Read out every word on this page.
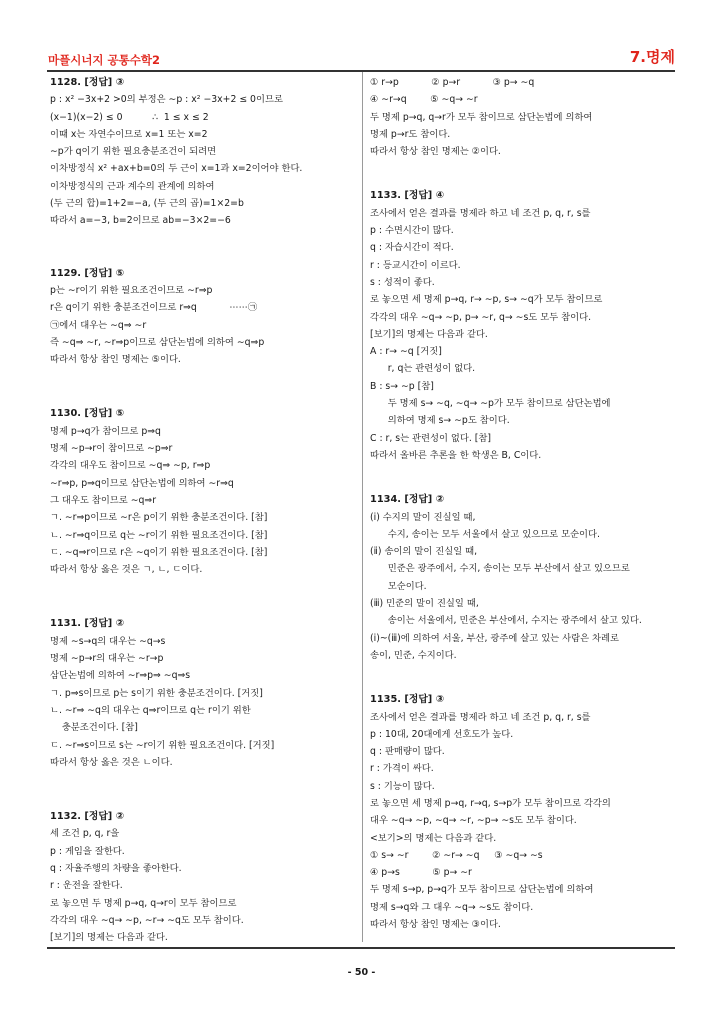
마플시너지 공통수학2	7.명제
1128. [정답] ③
p : x² −3x+2 >0의 부정은 ∼p : x² −3x+2 ≤ 0이므로
(x−1)(x−2) ≤ 0          ∴  1 ≤ x ≤ 2
이때 x는 자연수이므로 x=1 또는 x=2
∼p가 q이기 위한 필요충분조건이 되려면
이차방정식 x² +ax+b=0의 두 근이 x=1과 x=2이어야 한다.
이차방정식의 근과 계수의 관계에 의하여
(두 근의 합)=1+2=−a, (두 근의 곱)=1×2=b
따라서 a=−3, b=2이므로 ab=−3×2=−6
1129. [정답] ⑤
p는 ∼r이기 위한 필요조건이므로 ∼r⇒p
r은 q이기 위한 충분조건이므로 r⇒q           ⋯⋯㉠
㉠에서 대우는 ∼q⇒ ∼r
즉 ∼q⇒ ∼r, ∼r⇒p이므로 삼단논법에 의하여 ∼q⇒p
따라서 항상 참인 명제는 ⑤이다.
1130. [정답] ⑤
명제 p→q가 참이므로 p⇒q
명제 ∼p→r이 참이므로 ∼p⇒r
각각의 대우도 참이므로 ∼q⇒ ∼p, r⇒p
∼r⇒p, p⇒q이므로 삼단논법에 의하여 ∼r⇒q
그 대우도 참이므로 ∼q⇒r
ㄱ. ∼r⇒p이므로 ∼r은 p이기 위한 충분조건이다. [참]
ㄴ. ∼r⇒q이므로 q는 ∼r이기 위한 필요조건이다. [참]
ㄷ. ∼q⇒r이므로 r은 ∼q이기 위한 필요조건이다. [참]
따라서 항상 옳은 것은 ㄱ, ㄴ, ㄷ이다.
1131. [정답] ②
명제 ∼s→q의 대우는 ∼q→s
명제 ∼p→r의 대우는 ∼r→p
삼단논법에 의하여 ∼r⇒p⇒ ∼q⇒s
ㄱ. p⇒s이므로 p는 s이기 위한 충분조건이다. [거짓]
ㄴ. ∼r⇒ ∼q의 대우는 q⇒r이므로 q는 r이기 위한
충분조건이다. [참]
ㄷ. ∼r⇒s이므로 s는 ∼r이기 위한 필요조건이다. [거짓]
따라서 항상 옳은 것은 ㄴ이다.
1132. [정답] ②
세 조건 p, q, r을
p : 게임을 잘한다.
q : 자율주행의 차량을 좋아한다.
r : 운전을 잘한다.
로 놓으면 두 명제 p→q, q→r이 모두 참이므로
각각의 대우 ∼q→ ∼p, ∼r→ ∼q도 모두 참이다.
[보기]의 명제는 다음과 같다.
① r→p           ② p→r           ③ p→ ∼q
④ ∼r→q        ⑤ ∼q→ ∼r
두 명제 p→q, q→r가 모두 참이므로 삼단논법에 의하여
명제 p→r도 참이다.
따라서 항상 참인 명제는 ②이다.
1133. [정답] ④
조사에서 얻은 결과를 명제라 하고 네 조건 p, q, r, s를
p : 수면시간이 많다.
q : 자습시간이 적다.
r : 등교시간이 이르다.
s : 성적이 좋다.
로 놓으면 세 명제 p→q, r→ ∼p, s→ ∼q가 모두 참이므로
각각의 대우 ∼q→ ∼p, p→ ∼r, q→ ∼s도 모두 참이다.
[보기]의 명제는 다음과 같다.
A : r→ ∼q [거짓]
r, q는 관련성이 없다.
B : s→ ∼p [참]
두 명제 s→ ∼q, ∼q→ ∼p가 모두 참이므로 삼단논법에
의하여 명제 s→ ∼p도 참이다.
C : r, s는 관련성이 없다. [참]
따라서 올바른 추론을 한 학생은 B, C이다.
1134. [정답] ②
(ⅰ) 수지의 말이 진실일 때,
수지, 송이는 모두 서울에서 살고 있으므로 모순이다.
(ⅱ) 송이의 말이 진실일 때,
민준은 광주에서, 수지, 송이는 모두 부산에서 살고 있으므로
모순이다.
(ⅲ) 민준의 말이 진실일 때,
송이는 서울에서, 민준은 부산에서, 수지는 광주에서 살고 있다.
(ⅰ)~(ⅲ)에 의하여 서울, 부산, 광주에 살고 있는 사람은 차례로
송이, 민준, 수지이다.
1135. [정답] ③
조사에서 얻은 결과를 명제라 하고 네 조건 p, q, r, s를
p : 10대, 20대에게 선호도가 높다.
q : 판매량이 많다.
r : 가격이 싸다.
s : 기능이 많다.
로 놓으면 세 명제 p→q, r→q, s→p가 모두 참이므로 각각의
대우 ∼q→ ∼p, ∼q→ ∼r, ∼p→ ∼s도 모두 참이다.
<보기>의 명제는 다음과 같다.
① s→ ∼r        ② ∼r→ ∼q     ③ ∼q→ ∼s
④ p→s           ⑤ p→ ∼r
두 명제 s→p, p→q가 모두 참이므로 삼단논법에 의하여
명제 s→q와 그 대우 ∼q→ ∼s도 참이다.
따라서 항상 참인 명제는 ③이다.
- 50 -
